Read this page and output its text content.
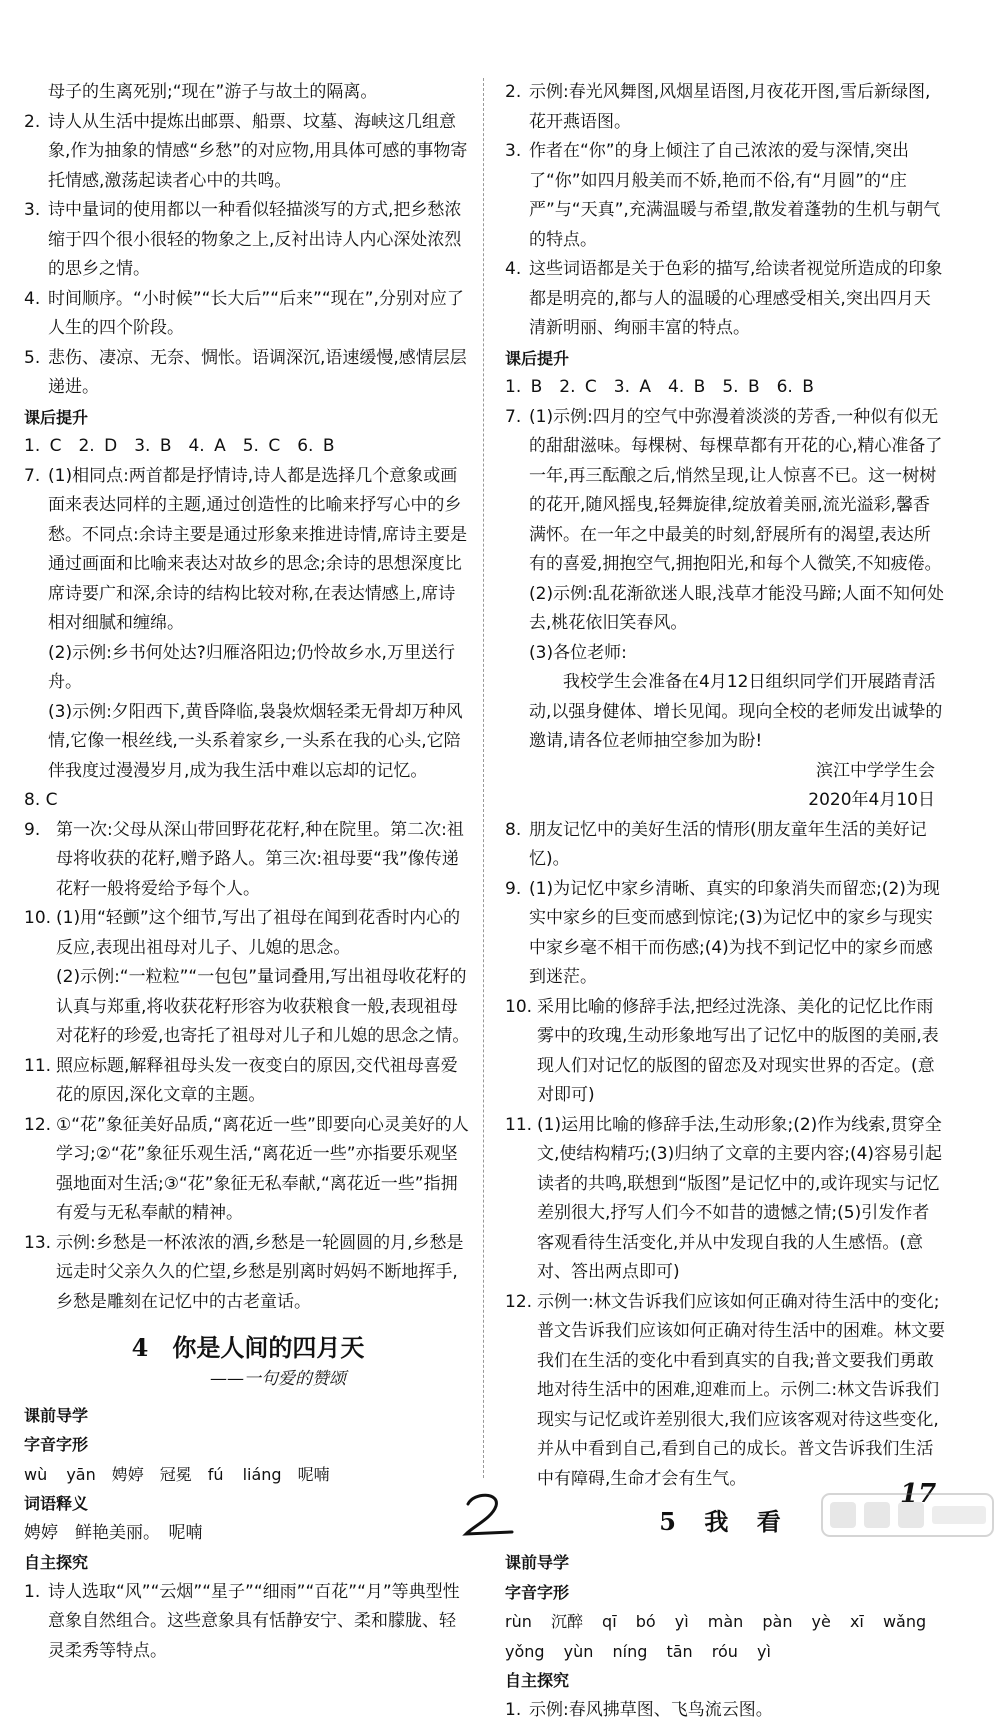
母子的生离死别;“现在”游子与故土的隔离。

2. 诗人从生活中提炼出邮票、船票、坟墓、海峡这几组意象,作为抽象的情感“乡愁”的对应物,用具体可感的事物寄托情感,激荡起读者心中的共鸣。

3. 诗中量词的使用都以一种看似轻描淡写的方式,把乡愁浓缩于四个很小很轻的物象之上,反衬出诗人内心深处浓烈的思乡之情。

4. 时间顺序。“小时候”“长大后”“后来”“现在”,分别对应了人生的四个阶段。

5. 悲伤、凄凉、无奈、惆怅。语调深沉,语速缓慢,感情层层递进。

课后提升

1. C　2. D　3. B　4. A　5. C　6. B

7. (1)相同点:两首都是抒情诗,诗人都是选择几个意象或画面来表达同样的主题,通过创造性的比喻来抒写心中的乡愁。不同点:余诗主要是通过形象来推进诗情,席诗主要是通过画面和比喻来表达对故乡的思念;余诗的思想深度比席诗要广和深,余诗的结构比较对称,在表达情感上,席诗相对细腻和缠绵。

(2)示例:乡书何处达?归雁洛阳边;仍怜故乡水,万里送行舟。

(3)示例:夕阳西下,黄昏降临,袅袅炊烟轻柔无骨却万种风情,它像一根丝线,一头系着家乡,一头系在我的心头,它陪伴我度过漫漫岁月,成为我生活中难以忘却的记忆。

8. C

9. 第一次:父母从深山带回野花花籽,种在院里。第二次:祖母将收获的花籽,赠予路人。第三次:祖母要“我”像传递花籽一般将爱给予每个人。

10. (1)用“轻颤”这个细节,写出了祖母在闻到花香时内心的反应,表现出祖母对儿子、儿媳的思念。

(2)示例:“一粒粒”“一包包”量词叠用,写出祖母收花籽的认真与郑重,将收获花籽形容为收获粮食一般,表现祖母对花籽的珍爱,也寄托了祖母对儿子和儿媳的思念之情。

11. 照应标题,解释祖母头发一夜变白的原因,交代祖母喜爱花的原因,深化文章的主题。

12. ①“花”象征美好品质,“离花近一些”即要向心灵美好的人学习;②“花”象征乐观生活,“离花近一些”亦指要乐观坚强地面对生活;③“花”象征无私奉献,“离花近一些”指拥有爱与无私奉献的精神。

13. 示例:乡愁是一杯浓浓的酒,乡愁是一轮圆圆的月,乡愁是远走时父亲久久的伫望,乡愁是别离时妈妈不断地挥手,乡愁是雕刻在记忆中的古老童话。

4　你是人间的四月天

——一句爱的赞颂

课前导学

字音字形

wù yān　娉婷　冠冕　fú liáng　呢喃

词语释义

娉婷　鲜艳美丽。　呢喃

自主探究

1. 诗人选取“风”“云烟”“星子”“细雨”“百花”“月”等典型性意象自然组合。这些意象具有恬静安宁、柔和朦胧、轻灵柔秀等特点。

2. 示例:春光风舞图,风烟星语图,月夜花开图,雪后新绿图,花开燕语图。

3. 作者在“你”的身上倾注了自己浓浓的爱与深情,突出了“你”如四月般美而不娇,艳而不俗,有“月圆”的“庄严”与“天真”,充满温暖与希望,散发着蓬勃的生机与朝气的特点。

4. 这些词语都是关于色彩的描写,给读者视觉所造成的印象都是明亮的,都与人的温暖的心理感受相关,突出四月天清新明丽、绚丽丰富的特点。

课后提升

1. B　2. C　3. A　4. B　5. B　6. B

7. (1)示例:四月的空气中弥漫着淡淡的芳香,一种似有似无的甜甜滋味。每棵树、每棵草都有开花的心,精心准备了一年,再三酝酿之后,悄然呈现,让人惊喜不已。这一树树的花开,随风摇曳,轻舞旋律,绽放着美丽,流光溢彩,馨香满怀。在一年之中最美的时刻,舒展所有的渴望,表达所有的喜爱,拥抱空气,拥抱阳光,和每个人微笑,不知疲倦。

(2)示例:乱花渐欲迷人眼,浅草才能没马蹄;人面不知何处去,桃花依旧笑春风。

(3)各位老师:

我校学生会准备在4月12日组织同学们开展踏青活动,以强身健体、增长见闻。现向全校的老师发出诚挚的邀请,请各位老师抽空参加为盼!

滨江中学学生会

2020年4月10日

8. 朋友记忆中的美好生活的情形(朋友童年生活的美好记忆)。

9. (1)为记忆中家乡清晰、真实的印象消失而留恋;(2)为现实中家乡的巨变而感到惊诧;(3)为记忆中的家乡与现实中家乡毫不相干而伤感;(4)为找不到记忆中的家乡而感到迷茫。

10. 采用比喻的修辞手法,把经过洗涤、美化的记忆比作雨雾中的玫瑰,生动形象地写出了记忆中的版图的美丽,表现人们对记忆的版图的留恋及对现实世界的否定。(意对即可)

11. (1)运用比喻的修辞手法,生动形象;(2)作为线索,贯穿全文,使结构精巧;(3)归纳了文章的主要内容;(4)容易引起读者的共鸣,联想到“版图”是记忆中的,或许现实与记忆差别很大,抒写人们今不如昔的遗憾之情;(5)引发作者客观看待生活变化,并从中发现自我的人生感悟。(意对、答出两点即可)

12. 示例一:林文告诉我们应该如何正确对待生活中的变化;普文告诉我们应该如何正确对待生活中的困难。林文要我们在生活的变化中看到真实的自我;普文要我们勇敢地对待生活中的困难,迎难而上。示例二:林文告诉我们现实与记忆或许差别很大,我们应该客观对待这些变化,并从中看到自己,看到自己的成长。普文告诉我们生活中有障碍,生命才会有生气。

5 我 看

课前导学

字音字形

rùn 沉醉 qī bó yì màn pàn yè xī wǎng

yǒng yùn níng tān róu yì

自主探究

1. 示例:春风拂草图、飞鸟流云图。

17
